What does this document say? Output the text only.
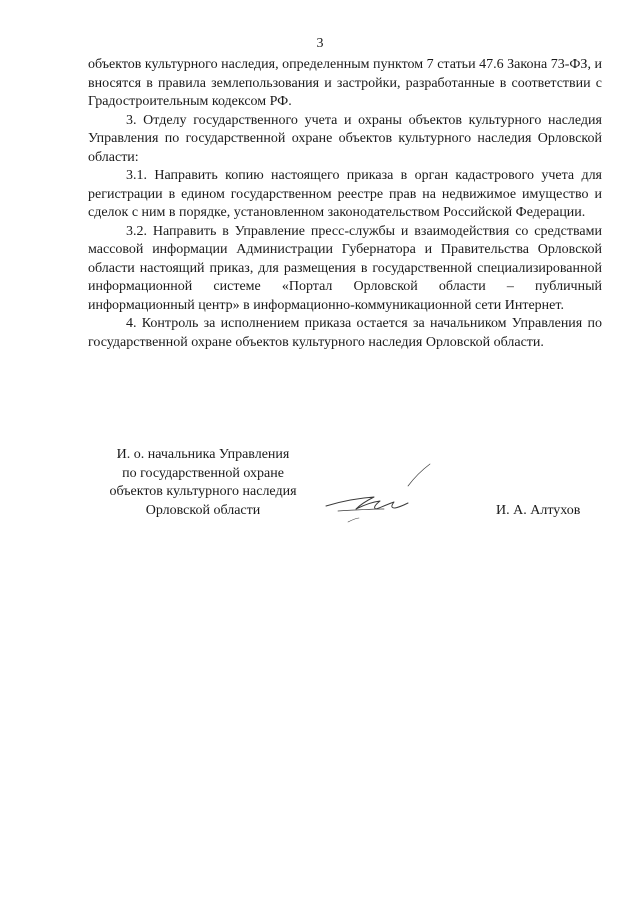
3

объектов культурного наследия, определенным пунктом 7 статьи 47.6 Закона 73-ФЗ, и вносятся в правила землепользования и застройки, разработанные в соответствии с Градостроительным кодексом РФ.

3. Отделу государственного учета и охраны объектов культурного наследия Управления по государственной охране объектов культурного наследия Орловской области:

3.1. Направить копию настоящего приказа в орган кадастрового учета для регистрации в едином государственном реестре прав на недвижимое имущество и сделок с ним в порядке, установленном законодательством Российской Федерации.

3.2. Направить в Управление пресс-службы и взаимодействия со средствами массовой информации Администрации Губернатора и Правительства Орловской области настоящий приказ, для размещения в государственной специализированной информационной системе «Портал Орловской области – публичный информационный центр» в информационно-коммуникационной сети Интернет.

4. Контроль за исполнением приказа остается за начальником Управления по государственной охране объектов культурного наследия Орловской области.

И. о. начальника Управления
по государственной охране
объектов культурного наследия
Орловской области	И. А. Алтухов
